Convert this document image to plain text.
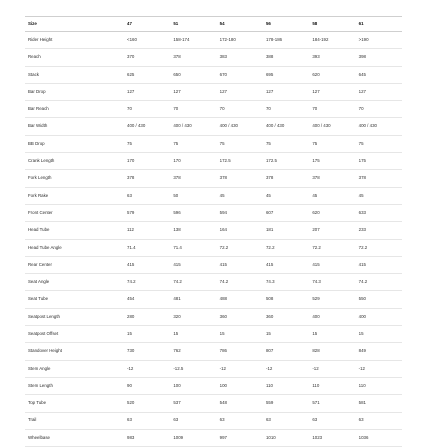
Size	47	51	54	56	58	61
Rider Height	<160	158-174	172-180	178-186	184-192	>190
Reach	370	378	383	388	393	398
Stack	625	650	670	695	620	645
Bar Drop	127	127	127	127	127	127
Bar Reach	70	70	70	70	70	70
Bar Width	400 / 430	400 / 430	400 / 430	400 / 430	400 / 430	400 / 430
BB Drop	75	75	75	75	75	75
Crank Length	170	170	172.5	172.5	175	175
Fork Length	378	378	378	378	378	378
Fork Rake	63	50	45	45	45	45
Front Center	579	596	594	607	620	633
Head Tube	112	138	164	181	207	233
Head Tube Angle	71.4	71.4	72.2	72.2	72.2	72.2
Rear Center	415	415	415	415	415	415
Seat Angle	74.2	74.2	74.2	74.3	74.3	74.2
Seat Tube	454	481	488	508	529	550
Seatpost Length	280	320	360	360	400	400
Seatpost Offset	15	15	15	15	15	15
Standover Height	730	762	786	807	828	849
Stem Angle	-12	-12.5	-12	-12	-12	-12
Stem Length	90	100	100	110	110	110
Top Tube	520	537	548	559	571	581
Trail	63	63	63	63	63	63
Wheelbase	983	1009	997	1010	1023	1036
